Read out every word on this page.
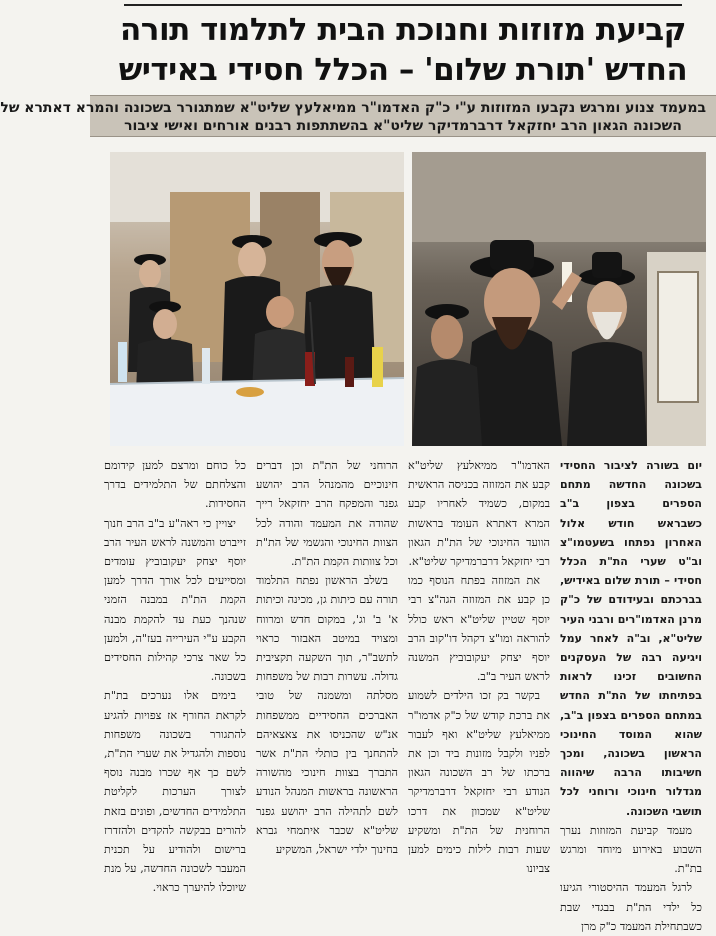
קביעת מזוזות וחנוכת הבית לתלמוד תורה
החדש 'תורת שלום' – הכלל חסידי באידיש
במעמד צנוע ומרגש נקבעו המזוזות ע"י כ"ק האדמו"ר ממיאלעץ שליט"א שמתגורר בשכונה והמרא דאתרא של
השכונה הגאון הרב יחזקאל דרברמדיקר שליט"א בהשתתפות רבנים אורחים ואישי ציבור

יום בשורה לציבור החסידי בשכונה החדשה מתחם הספרים בצפון ב"ב כשבראש חודש אלול האחרון נפתחו בשעטמו"צ וב"ט שערי הת"ת הכלל חסידי – תורת שלום באידיש, בברכתם ובעידודם של כ"ק מרנן האדמו"רים ורבני העיר שליט"א, וב"ה לאחר עמל ויגיעה רבה של העסקנים החשובים זכינו לראות בפתיחתו של הת"ת החדש במתחם הספרים בצפון ב"ב, שהוא המוסד החינוכי הראשון בשכונה, ומכך חשיבותו הרבה שיהווה מגדלור חינוכי ורוחני לכל תושבי השכונה.

מעמד קביעת המזוזות נערך השבוע באירוע מיוחד ומרגש בת"ת.

לרגל המעמד ההיסטורי הגיעו כל ילדי הת"ת בבגדי שבת כשבתחילת המעמד כ"ק מרן

האדמו"ר ממיאלעץ שליט"א קבע את המזוזה בכניסה הראשית במקום, כשמיד לאחריו קבע המרא דאתרא העומד בראשות הוועד החינוכי של הת"ת הגאון רבי יחזקאל דרברמדיקר שליט"א.

את המזוזה בפתח הנוסף כמו כן קבע את המזוזה הגה"צ רבי יוסף שטיין שליט"א ראש כולל להוראה ומו"צ דקהל דו"קוב הרב יוסף יצחק יעקובוביץ המשנה לראש העיר ב"ב.

בקשר בק זכו הילדים לשמוע את ברכת קודש של כ"ק אדמו"ר ממיאלעץ שליט"א ואף לעבור לפניו ולקבל מזונות ביד וכן את ברכתו של רב השכונה הגאון הנודע רבי יחזקאל דרברמדיקר שליט"א שמכוון את דרכו הרוחנית של הת"ת ומשקיע שעות רבות לילות כימים למען צביונו

הרוחני של הת"ת וכן דברים חינוכיים מהמנהל הרב יהושע גפנר והמפקח הרב יחזקאל רייך שהודה את המעמד והודה לכל הצוות החינוכי והגשמי של הת"ת וכל צוותות הקמת הת"ת.

בשלב הראשון נפתח התלמוד תורה עם כיתות גן, מכינה וכיתות א' ב' וג', במקום חדש ומרווח ומצויד במיטב האבזור כראוי לתשב"ר, תוך השקעה תקציבית גדולה. עשרות רבות של משפחות מסלתה ומשמנה של טובי האברכים החסידיים ממשפחות אנ"ש שהכניסו את צאצאיהם להתחנך בין כותלי הת"ת אשר התברך בצוות חינוכי מהשורה הראשונה בראשות המנהל הנודע לשם לתהילה הרב יהושע גפנר שליט"א שכבר איתמחי גברא בחינוך ילדי ישראל, המשקיע

כל כוחם ומרצם למען קידומם והצלחתם של התלמידים בדרך החסידות.

יצויין כי ראה"ע ב"ב הרב חנוך זייברט והמשנה לראש העיר הרב יוסף יצחק יעקובוביץ עומדים ומסייעים לכל אורך הדרך למען הקמת הת"ת במבנה הזמני שנהנך כעת עד להקמת מבנה הקבע ע"י העירייה בעז"ה, ולמען כל שאר צרכי קהילות החסידים בשכונה.

בימים אלו נערכים בת"ת לקראת החורף אז צפויות להגיע להתגורר בשכונה משפחות נוספות ולהגדיל את שערי הת"ת, לשם כך אף שכרו מבנה נוסף לצורך הערכות לקליטת התלמידים החדשים, ופונים בזאת להורים בבקשה להקדים ולהזדרז ברישום ולהודיע על תכנית המעבר לשכונה החדשה, על מנת שיוכלו להיערך כראוי.
